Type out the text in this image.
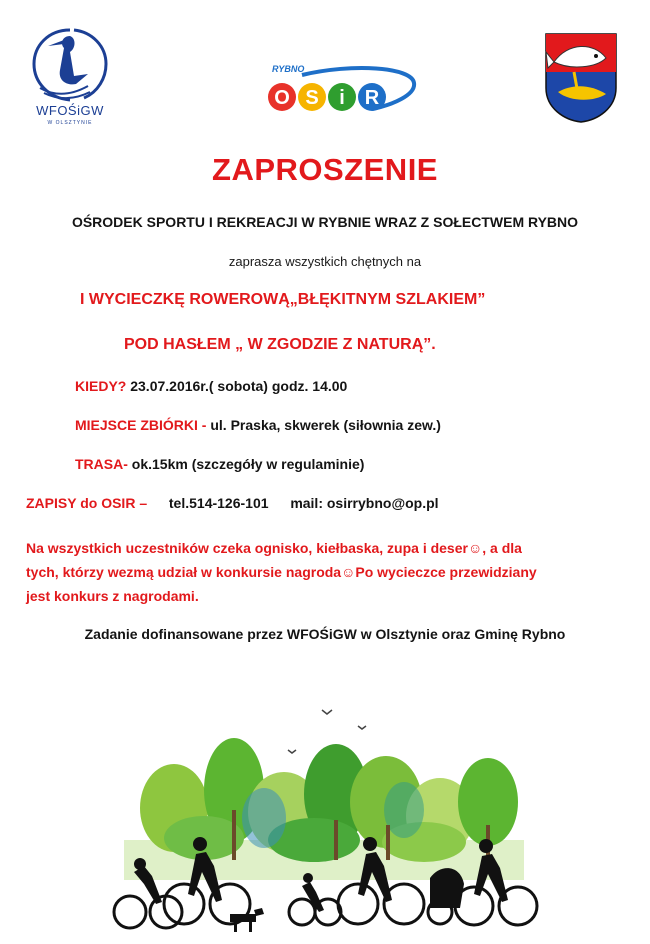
WFOŚiGW
W OLSZTYNIE
RYBNO
O S i R
ZAPROSZENIE
OŚRODEK SPORTU I REKREACJI W RYBNIE WRAZ Z SOŁECTWEM RYBNO
zaprasza wszystkich chętnych na
I WYCIECZKĘ ROWEROWĄ„BŁĘKITNYM SZLAKIEM”
POD HASŁEM „ W ZGODZIE Z NATURĄ”.
KIEDY? 23.07.2016r.( sobota) godz. 14.00
MIEJSCE ZBIÓRKI - ul. Praska, skwerek (siłownia zew.)
TRASA- ok.15km (szczegóły w regulaminie)
ZAPISY do OSIR – tel.514-126-101 mail: osirrybno@op.pl
Na wszystkich uczestników czeka ognisko, kiełbaska, zupa i deser☺, a dla
tych, którzy wezmą udział w konkursie nagroda☺Po wycieczce przewidziany
jest konkurs z nagrodami.
Zadanie dofinansowane przez WFOŚiGW w Olsztynie oraz Gminę Rybno
